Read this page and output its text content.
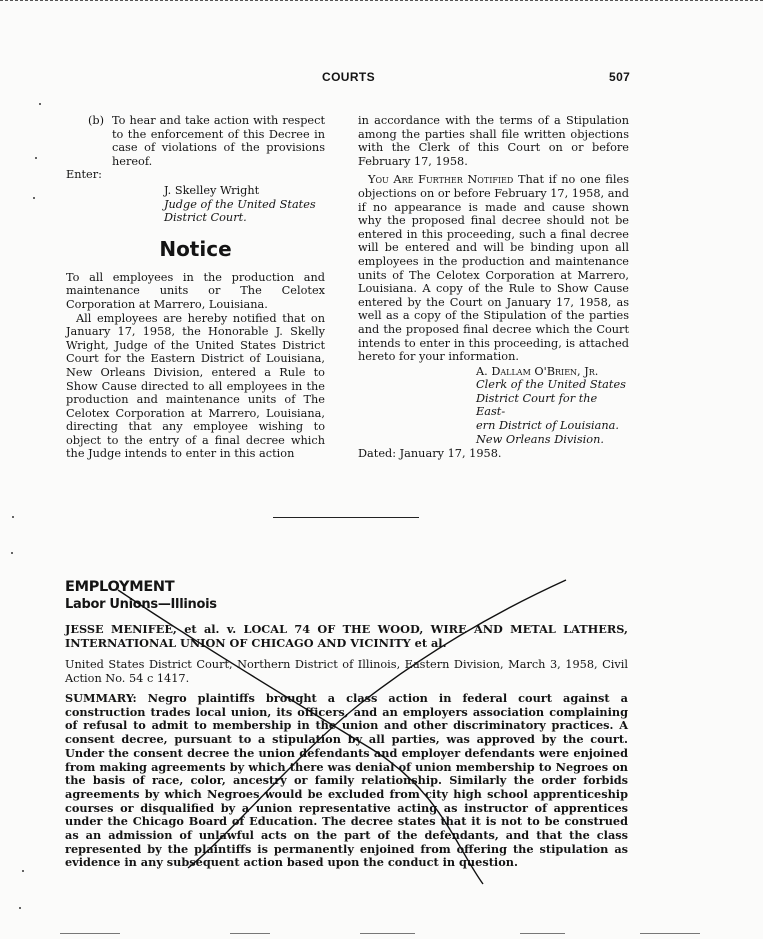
COURTS	507
(b) To hear and take action with respect to the enforcement of this Decree in case of violations of the provisions hereof.

Enter:

J. Skelley Wright

Judge of the United States

District Court.

Notice

To all employees in the production and maintenance units or The Celotex Corporation at Marrero, Louisiana.

All employees are hereby notified that on January 17, 1958, the Honorable J. Skelly Wright, Judge of the United States District Court for the Eastern District of Louisiana, New Orleans Division, entered a Rule to Show Cause directed to all employees in the production and maintenance units of The Celotex Corporation at Marrero, Louisiana, directing that any employee wishing to object to the entry of a final decree which the Judge intends to enter in this action

in accordance with the terms of a Stipulation among the parties shall file written objections with the Clerk of this Court on or before February 17, 1958.

You Are Further Notified That if no one files objections on or before February 17, 1958, and if no appearance is made and cause shown why the proposed final decree should not be entered in this proceeding, such a final decree will be entered and will be binding upon all employees in the production and maintenance units of The Celotex Corporation at Marrero, Louisiana. A copy of the Rule to Show Cause entered by the Court on January 17, 1958, as well as a copy of the Stipulation of the parties and the proposed final decree which the Court intends to enter in this proceeding, is attached hereto for your information.

A. Dallam O'Brien, Jr.

Clerk of the United States

District Court for the East-

ern District of Louisiana.

New Orleans Division.

Dated: January 17, 1958.

EMPLOYMENT
Labor Unions—Illinois
JESSE MENIFEE, et al. v. LOCAL 74 OF THE WOOD, WIRE AND METAL LATHERS, INTERNATIONAL UNION OF CHICAGO AND VICINITY et al.
United States District Court, Northern District of Illinois, Eastern Division, March 3, 1958, Civil Action No. 54 c 1417.
SUMMARY: Negro plaintiffs brought a class action in federal court against a construction trades local union, its officers, and an employers association complaining of refusal to admit to membership in the union and other discriminatory practices. A consent decree, pursuant to a stipulation by all parties, was approved by the court. Under the consent decree the union defendants and employer defendants were enjoined from making agreements by which there was denial of union membership to Negroes on the basis of race, color, ancestry or family relationship. Similarly the order forbids agreements by which Negroes would be excluded from city high school apprenticeship courses or disqualified by a union representative acting as instructor of apprentices under the Chicago Board of Education. The decree states that it is not to be construed as an admission of unlawful acts on the part of the defendants, and that the class represented by the plaintiffs is permanently enjoined from offering the stipulation as evidence in any subsequent action based upon the conduct in question.
